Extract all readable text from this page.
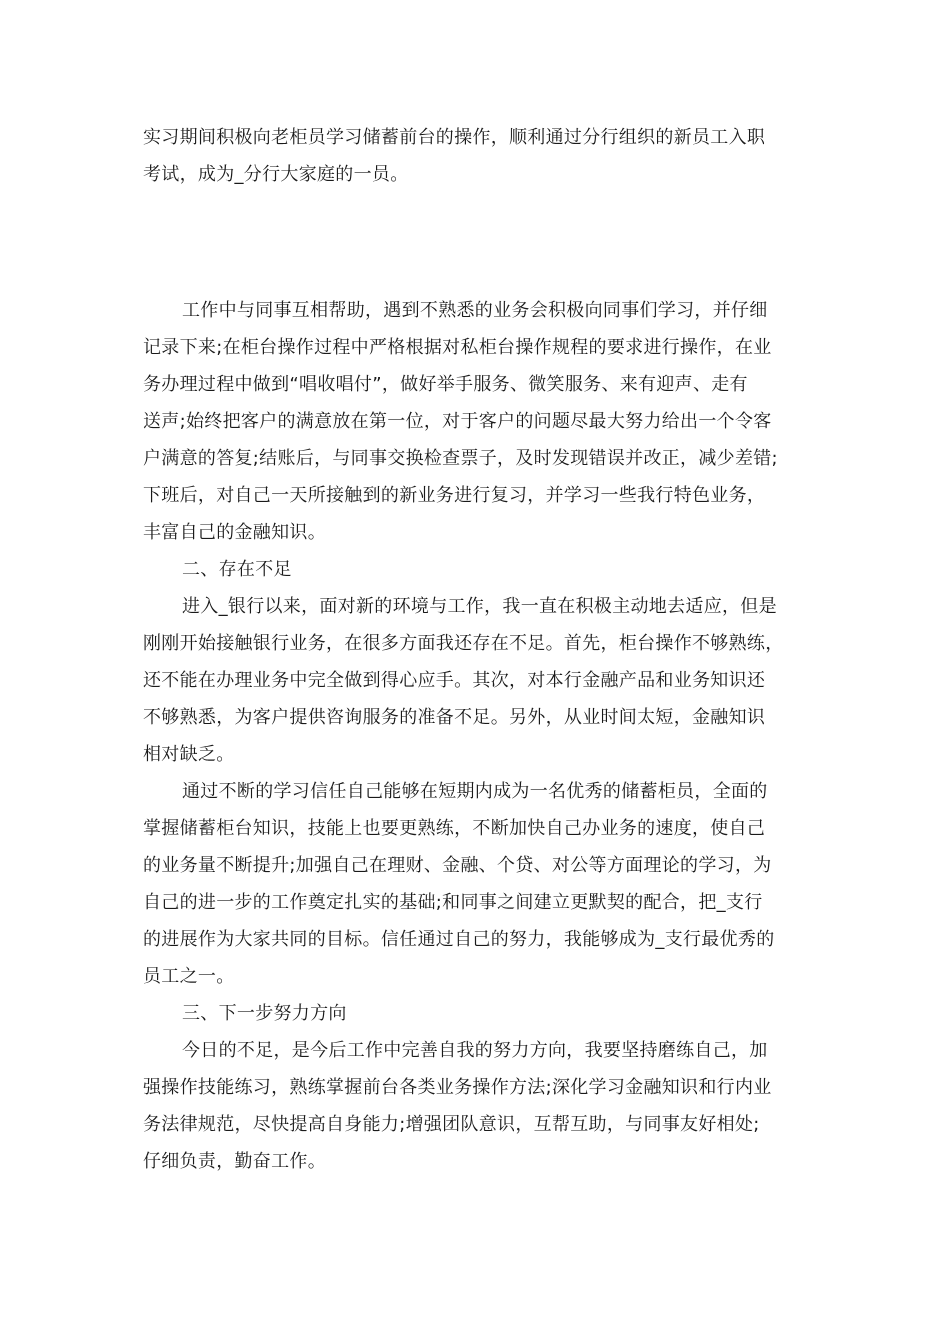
实习期间积极向老柜员学习储蓄前台的操作，顺利通过分行组织的新员工入职
考试，成为_分行大家庭的一员。
工作中与同事互相帮助，遇到不熟悉的业务会积极向同事们学习，并仔细
记录下来;在柜台操作过程中严格根据对私柜台操作规程的要求进行操作，在业
务办理过程中做到“唱收唱付”，做好举手服务、微笑服务、来有迎声、走有
送声;始终把客户的满意放在第一位，对于客户的问题尽最大努力给出一个令客
户满意的答复;结账后，与同事交换检查票子，及时发现错误并改正，减少差错;
下班后，对自己一天所接触到的新业务进行复习，并学习一些我行特色业务，
丰富自己的金融知识。
二、存在不足
进入_银行以来，面对新的环境与工作，我一直在积极主动地去适应，但是
刚刚开始接触银行业务，在很多方面我还存在不足。首先，柜台操作不够熟练，
还不能在办理业务中完全做到得心应手。其次，对本行金融产品和业务知识还
不够熟悉，为客户提供咨询服务的准备不足。另外，从业时间太短，金融知识
相对缺乏。
通过不断的学习信任自己能够在短期内成为一名优秀的储蓄柜员，全面的
掌握储蓄柜台知识，技能上也要更熟练，不断加快自己办业务的速度，使自己
的业务量不断提升;加强自己在理财、金融、个贷、对公等方面理论的学习，为
自己的进一步的工作奠定扎实的基础;和同事之间建立更默契的配合，把_支行
的进展作为大家共同的目标。信任通过自己的努力，我能够成为_支行最优秀的
员工之一。
三、下一步努力方向
今日的不足，是今后工作中完善自我的努力方向，我要坚持磨练自己，加
强操作技能练习，熟练掌握前台各类业务操作方法;深化学习金融知识和行内业
务法律规范，尽快提高自身能力;增强团队意识，互帮互助，与同事友好相处;
仔细负责，勤奋工作。
